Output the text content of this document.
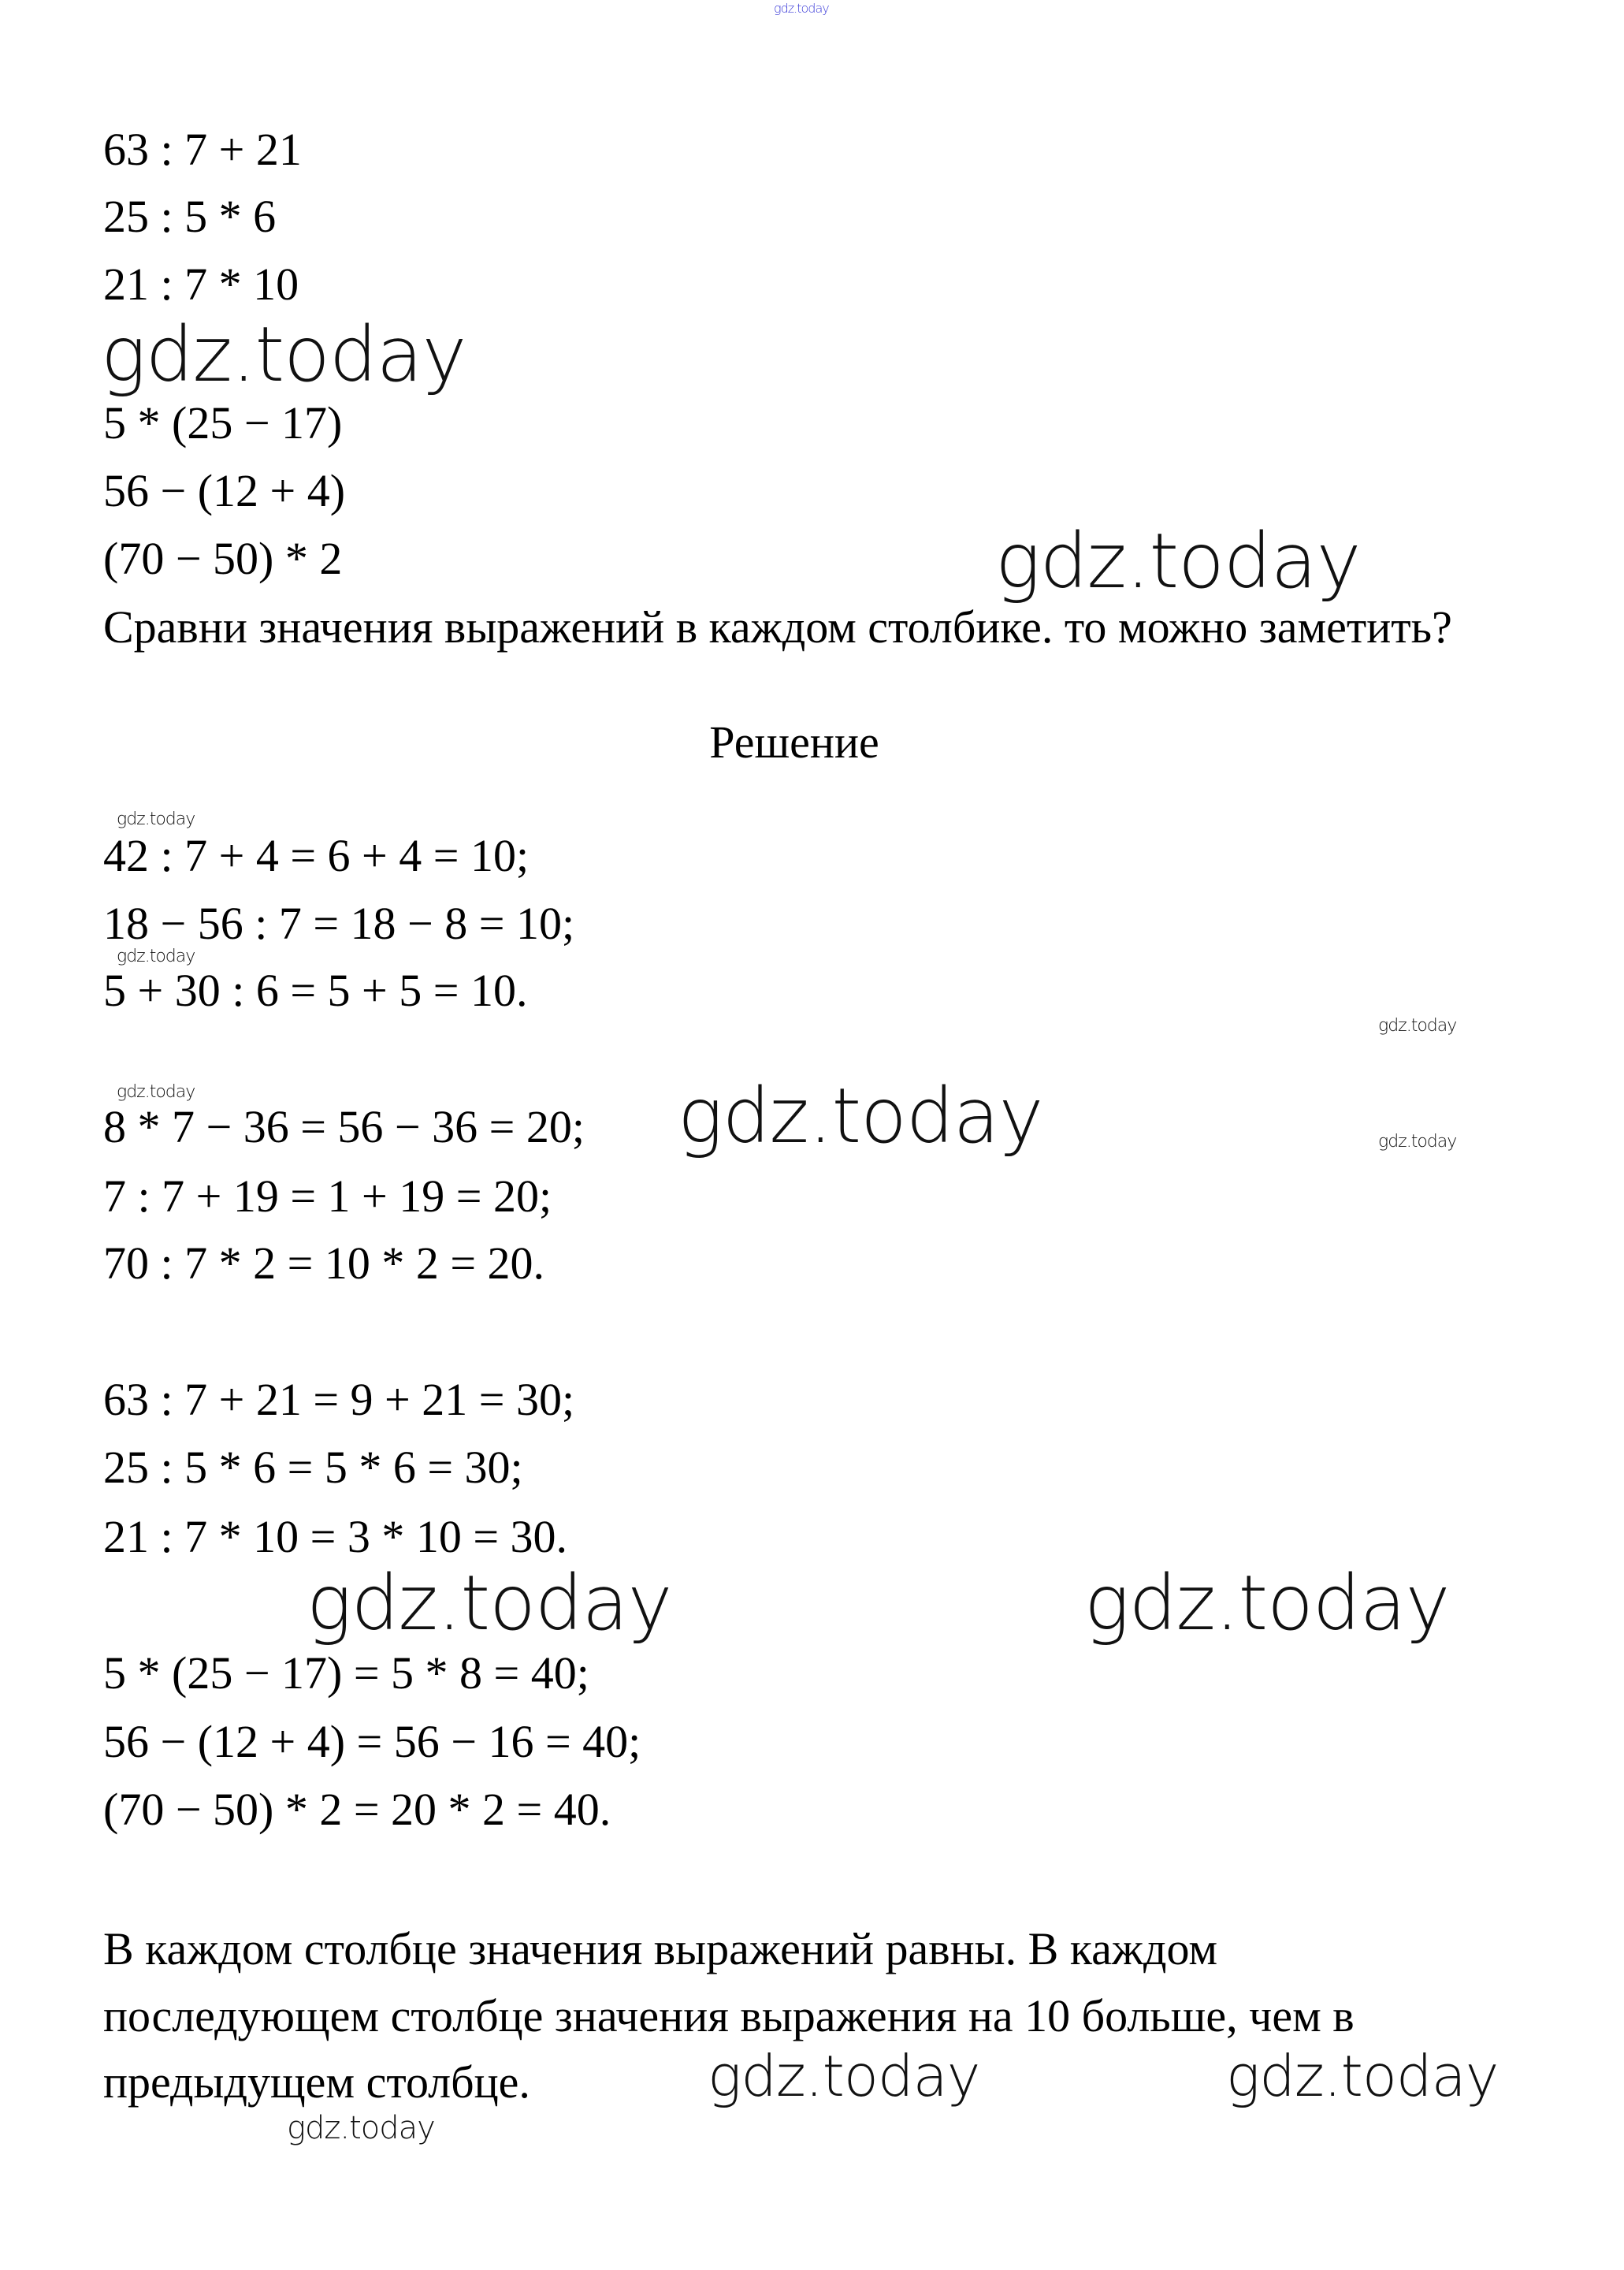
gdz.today
63 : 7 + 21
25 : 5 * 6
21 : 7 * 10
gdz.today
5 * (25 − 17)
56 − (12 + 4)
(70 − 50) * 2	gdz.today
Сравни значения выражений в каждом столбике. то можно заметить?
Решение
gdz.today
42 : 7 + 4 = 6 + 4 = 10;
18 − 56 : 7 = 18 − 8 = 10;
gdz.today
5 + 30 : 6 = 5 + 5 = 10.
gdz.today
gdz.today
8 * 7 − 36 = 56 − 36 = 20; gdz.today	gdz.today
7 : 7 + 19 = 1 + 19 = 20;
70 : 7 * 2 = 10 * 2 = 20.
63 : 7 + 21 = 9 + 21 = 30;
25 : 5 * 6 = 5 * 6 = 30;
21 : 7 * 10 = 3 * 10 = 30.
gdz.today	gdz.today
5 * (25 − 17) = 5 * 8 = 40;
56 − (12 + 4) = 56 − 16 = 40;
(70 − 50) * 2 = 20 * 2 = 40.
В каждом столбце значения выражений равны. В каждом
последующем столбце значения выражения на 10 больше, чем в
предыдущем столбце.
gdz.today
gdz.today	gdz.today
